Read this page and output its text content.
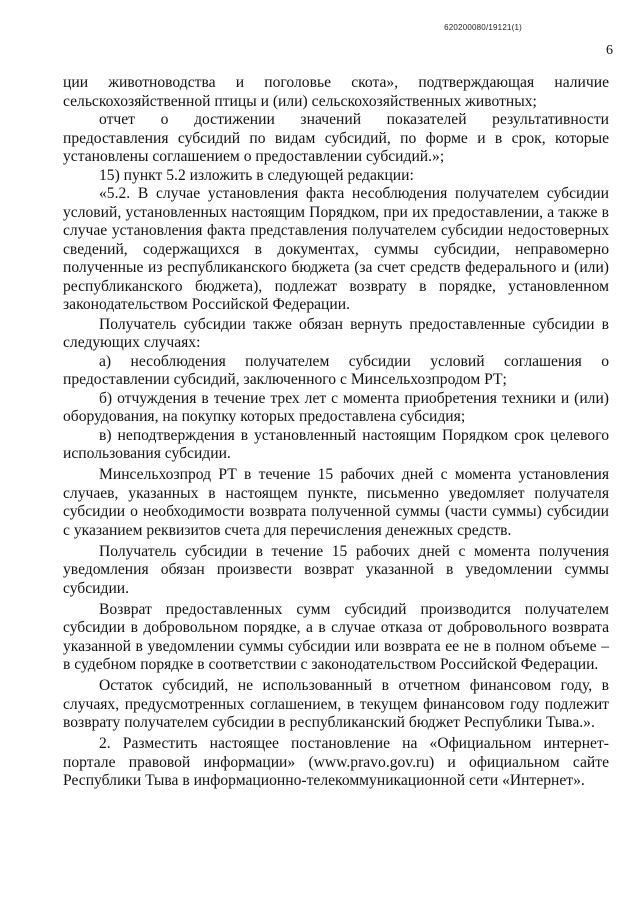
620200080/19121(1)
6

ции животноводства и поголовье скота», подтверждающая наличие сельскохозяйственной птицы и (или) сельскохозяйственных животных;

отчет о достижении значений показателей результативности предоставления субсидий по видам субсидий, по форме и в срок, которые установлены соглашением о предоставлении субсидий.»;

15) пункт 5.2 изложить в следующей редакции:

«5.2. В случае установления факта несоблюдения получателем субсидии условий, установленных настоящим Порядком, при их предоставлении, а также в случае установления факта представления получателем субсидии недостоверных сведений, содержащихся в документах, суммы субсидии, неправомерно полученные из республиканского бюджета (за счет средств федерального и (или) республиканского бюджета), подлежат возврату в порядке, установленном законодательством Российской Федерации.

Получатель субсидии также обязан вернуть предоставленные субсидии в следующих случаях:

а) несоблюдения получателем субсидии условий соглашения о предоставлении субсидий, заключенного с Минсельхозпродом РТ;

б) отчуждения в течение трех лет с момента приобретения техники и (или) оборудования, на покупку которых предоставлена субсидия;

в) неподтверждения в установленный настоящим Порядком срок целевого использования субсидии.

Минсельхозпрод РТ в течение 15 рабочих дней с момента установления случаев, указанных в настоящем пункте, письменно уведомляет получателя субсидии о необходимости возврата полученной суммы (части суммы) субсидии с указанием реквизитов счета для перечисления денежных средств.

Получатель субсидии в течение 15 рабочих дней с момента получения уведомления обязан произвести возврат указанной в уведомлении суммы субсидии.

Возврат предоставленных сумм субсидий производится получателем субсидии в добровольном порядке, а в случае отказа от добровольного возврата указанной в уведомлении суммы субсидии или возврата ее не в полном объеме – в судебном порядке в соответствии с законодательством Российской Федерации.

Остаток субсидий, не использованный в отчетном финансовом году, в случаях, предусмотренных соглашением, в текущем финансовом году подлежит возврату получателем субсидии в республиканский бюджет Республики Тыва.».

2. Разместить настоящее постановление на «Официальном интернет-портале правовой информации» (www.pravo.gov.ru) и официальном сайте Республики Тыва в информационно-телекоммуникационной сети «Интернет».
